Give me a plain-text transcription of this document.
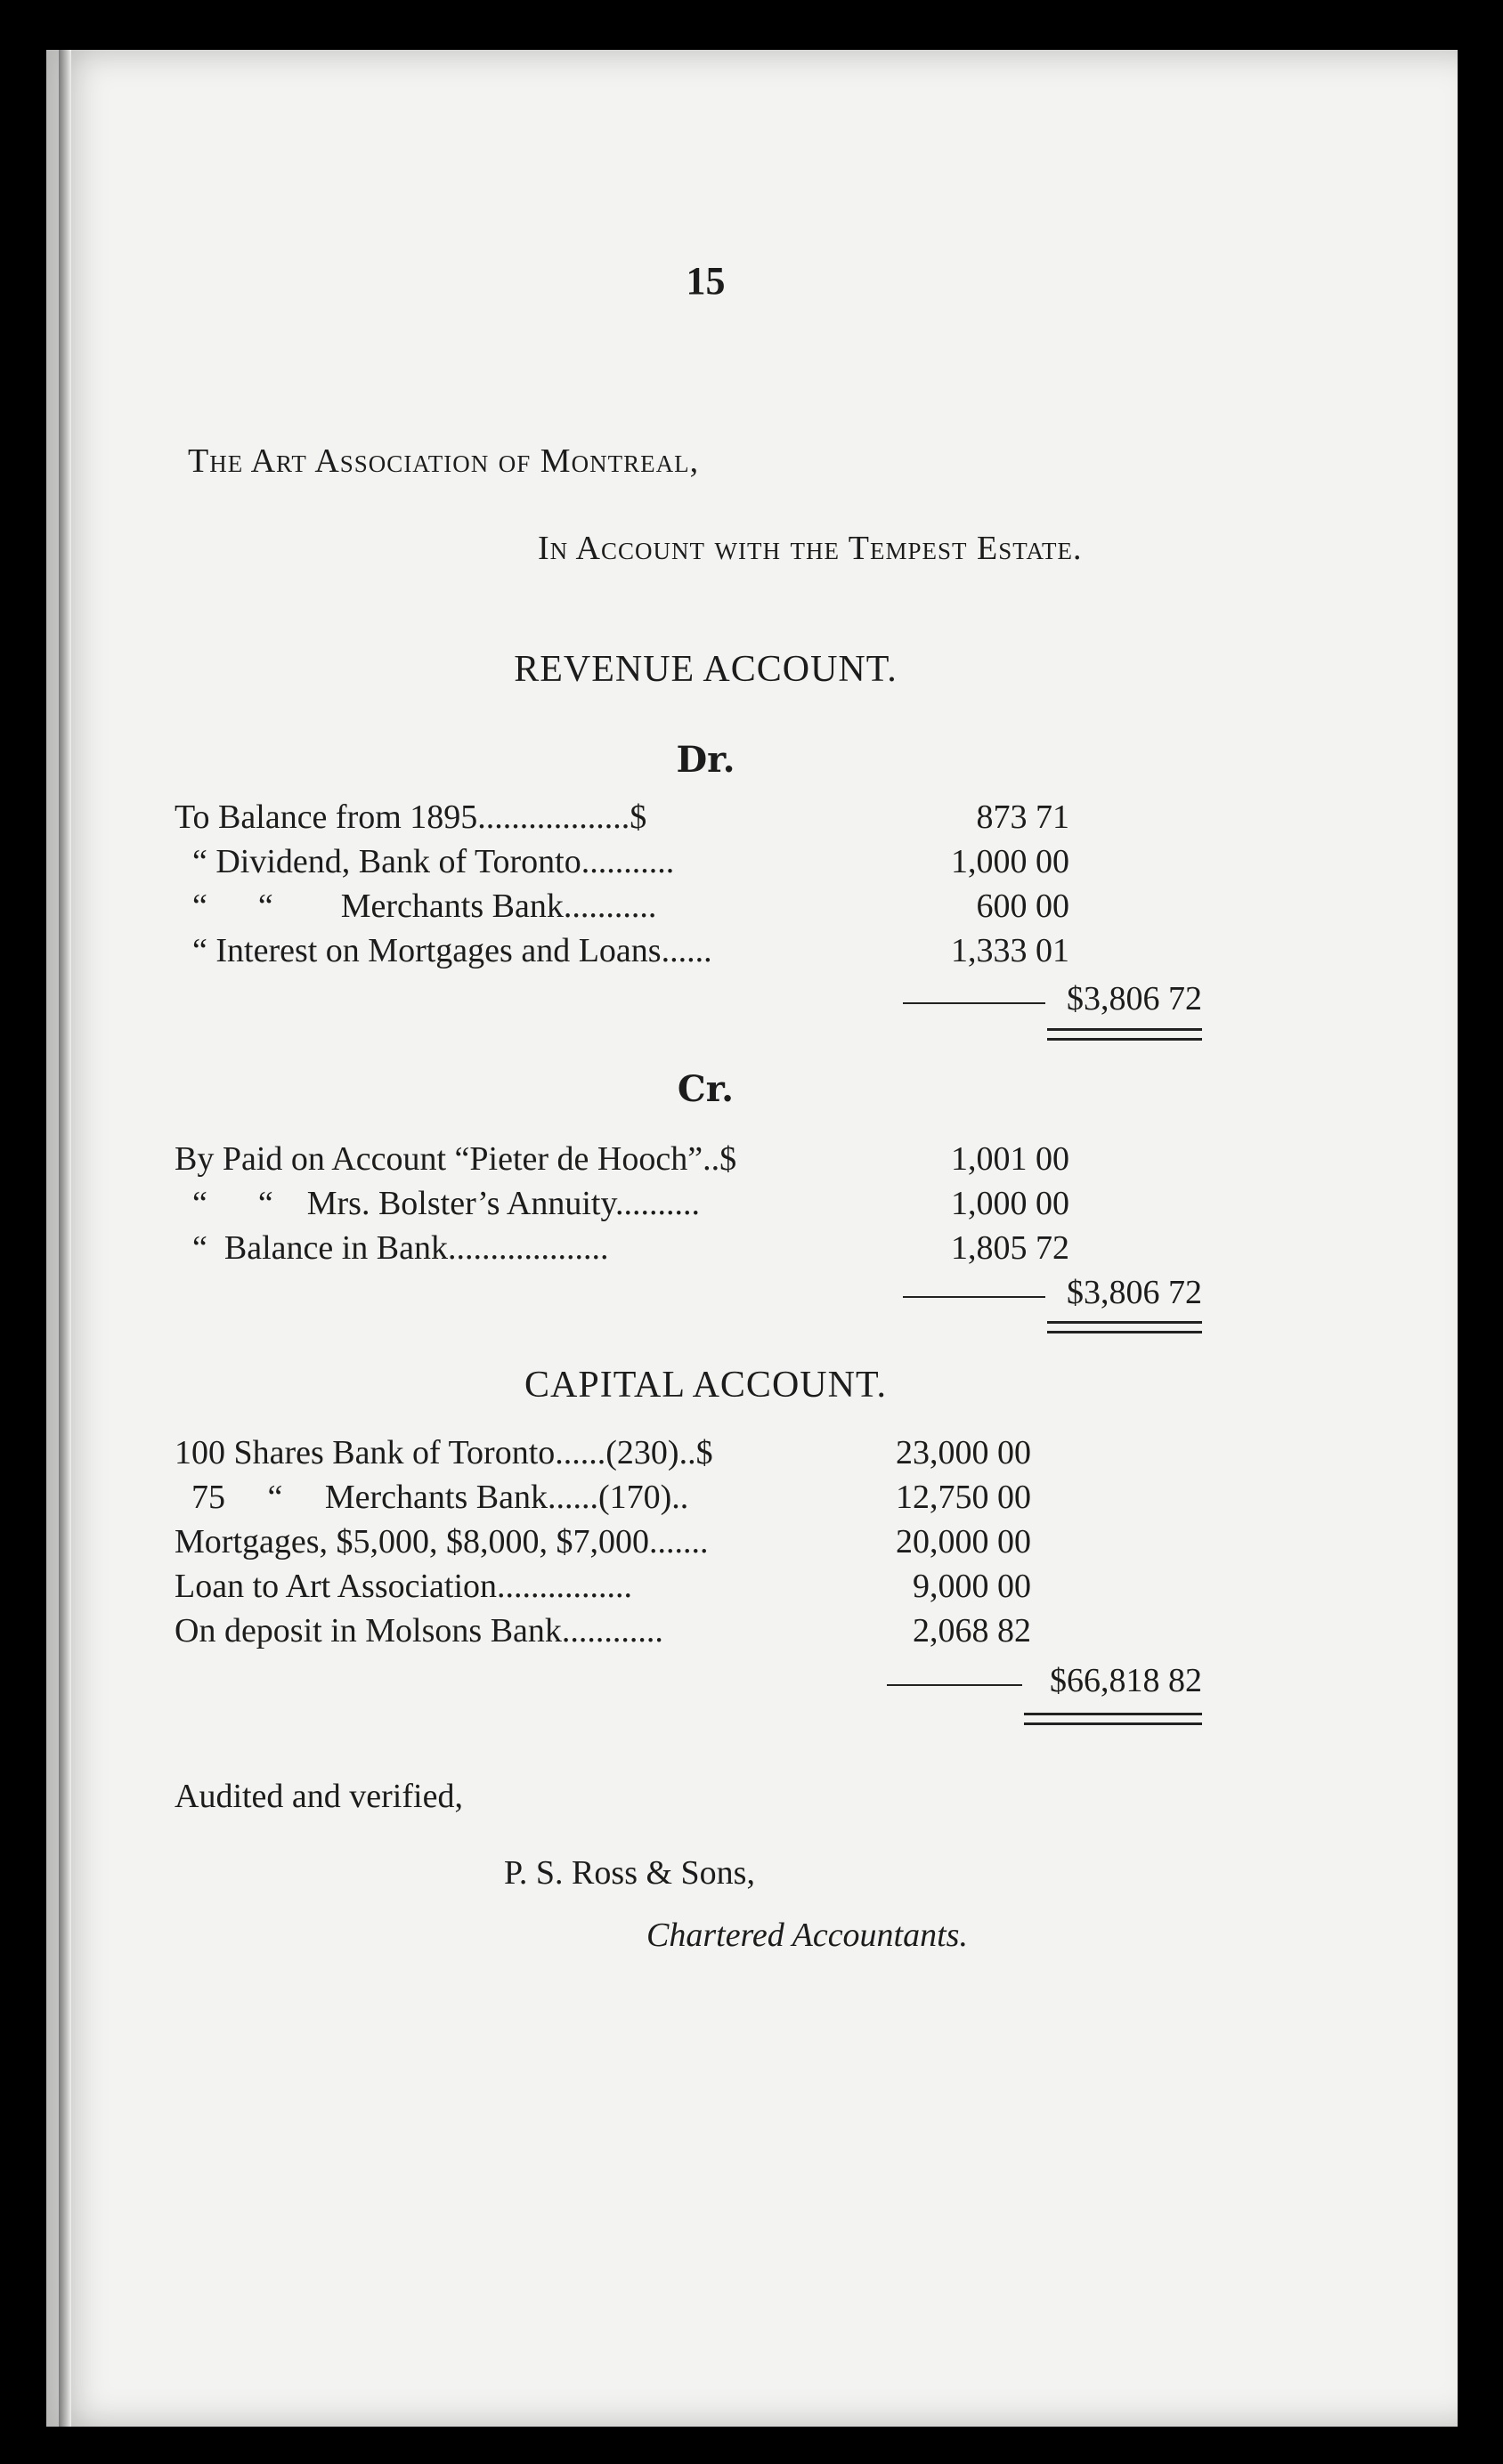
15
The Art Association of Montreal,
In Account with the Tempest Estate.
REVENUE ACCOUNT.
Dr.
To Balance from 1895..................$	873 71
“ Dividend, Bank of Toronto...........	1,000 00
“      “        Merchants Bank...........	600 00
“ Interest on Mortgages and Loans......	1,333 01
$3,806 72
Cr.
By Paid on Account “Pieter de Hooch”..$	1,001 00
“      “    Mrs. Bolster’s Annuity..........	1,000 00
“  Balance in Bank...................	1,805 72
$3,806 72
CAPITAL ACCOUNT.
100 Shares Bank of Toronto......(230)..$	23,000 00
75     “     Merchants Bank......(170)..	12,750 00
Mortgages, $5,000, $8,000, $7,000.......	20,000 00
Loan to Art Association................	9,000 00
On deposit in Molsons Bank............	2,068 82
$66,818 82
Audited and verified,
P. S. Ross & Sons,
Chartered Accountants.
